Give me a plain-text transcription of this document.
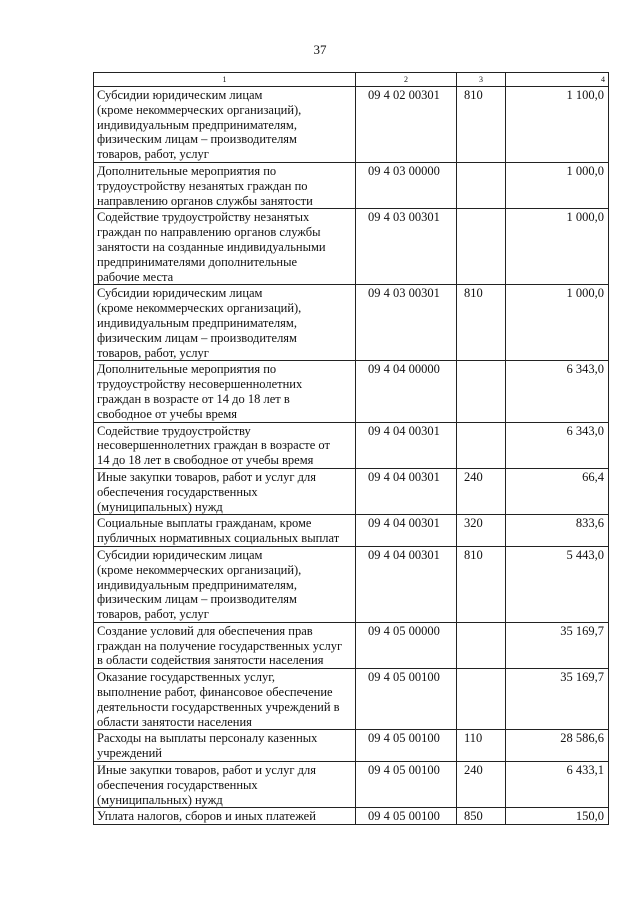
37
1	2	3	4
Субсидии юридическим лицам
(кроме некоммерческих организаций),
индивидуальным предпринимателям,
физическим лицам – производителям
товаров, работ, услуг	09 4 02 00301	810	1 100,0
Дополнительные мероприятия по
трудоустройству незанятых граждан по
направлению органов службы занятости	09 4 03 00000		1 000,0
Содействие трудоустройству незанятых
граждан по направлению органов службы
занятости на созданные индивидуальными
предпринимателями дополнительные
рабочие места	09 4 03 00301		1 000,0
Субсидии юридическим лицам
(кроме некоммерческих организаций),
индивидуальным предпринимателям,
физическим лицам – производителям
товаров, работ, услуг	09 4 03 00301	810	1 000,0
Дополнительные мероприятия по
трудоустройству несовершеннолетних
граждан в возрасте от 14 до 18 лет в
свободное от учебы время	09 4 04 00000		6 343,0
Содействие трудоустройству
несовершеннолетних граждан в возрасте от
14 до 18 лет в свободное от учебы время	09 4 04 00301		6 343,0
Иные закупки товаров, работ и услуг для
обеспечения государственных
(муниципальных) нужд	09 4 04 00301	240	66,4
Социальные выплаты гражданам, кроме
публичных нормативных социальных выплат	09 4 04 00301	320	833,6
Субсидии юридическим лицам
(кроме некоммерческих организаций),
индивидуальным предпринимателям,
физическим лицам – производителям
товаров, работ, услуг	09 4 04 00301	810	5 443,0
Создание условий для обеспечения прав
граждан на получение государственных услуг
в области содействия занятости населения	09 4 05 00000		35 169,7
Оказание государственных услуг,
выполнение работ, финансовое обеспечение
деятельности государственных учреждений в
области занятости населения	09 4 05 00100		35 169,7
Расходы на выплаты персоналу казенных
учреждений	09 4 05 00100	110	28 586,6
Иные закупки товаров, работ и услуг для
обеспечения государственных
(муниципальных) нужд	09 4 05 00100	240	6 433,1
Уплата налогов, сборов и иных платежей	09 4 05 00100	850	150,0
